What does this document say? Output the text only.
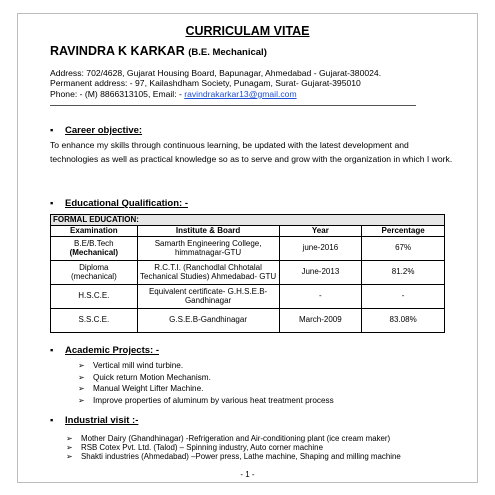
CURRICULAM VITAE
RAVINDRA K KARKAR (B.E. Mechanical)
Address: 702/4628, Gujarat Housing Board, Bapunagar, Ahmedabad - Gujarat-380024.
Permanent address: - 97, Kailashdham Society, Punagam, Surat- Gujarat-395010
Phone: - (M) 8866313105, Email: - ravindrakarkar13@gmail.com
▪ Career objective:
To enhance my skills through continuous learning, be updated with the latest development and technologies as well as practical knowledge so as to serve and grow with the organization in which I work.
▪ Educational Qualification: -
FORMAL EDUCATION:			
Examination	Institute & Board	Year	Percentage

B.E/B.Tech
(Mechanical)	Samarth Engineering College, himmatnagar-GTU	june-2016	67%

Diploma
(mechanical)	R.C.T.I. (Ranchodlal Chhotalal Techanical Studies) Ahmedabad- GTU	June-2013	81.2%
H.S.C.E.	Equivalent certificate- G.H.S.E.B- Gandhinagar	-	-
S.S.C.E.	G.S.E.B-Gandhinagar	March-2009	83.08%
▪ Academic Projects: -
➢ Vertical mill wind turbine.
➢ Quick return Motion Mechanism.
➢ Manual Weight Lifter Machine.
➢ Improve properties of aluminum by various heat treatment process
▪ Industrial visit :-
➢ Mother Dairy (Ghandhinagar) -Refrigeration and Air-conditioning plant (ice cream maker)
➢ RSB Cotex Pvt. Ltd. (Talod) – Spinning industry, Auto corner machine
➢ Shakti industries (Ahmedabad) –Power press, Lathe machine, Shaping and milling machine
- 1 -
